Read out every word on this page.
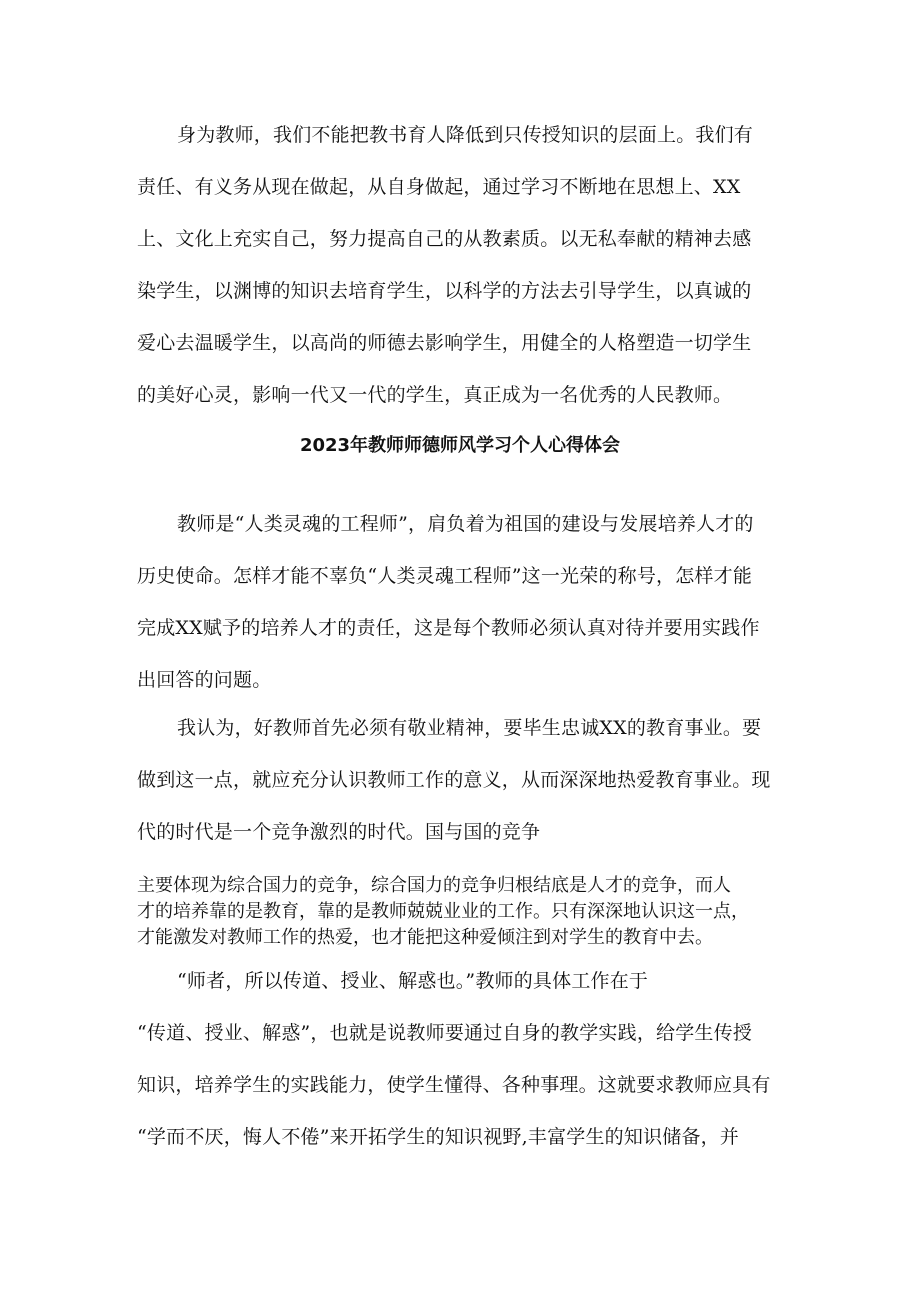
身为教师，我们不能把教书育人降低到只传授知识的层面上。我们有
责任、有义务从现在做起，从自身做起，通过学习不断地在思想上、XX
上、文化上充实自己，努力提高自己的从教素质。以无私奉献的精神去感
染学生，以渊博的知识去培育学生，以科学的方法去引导学生，以真诚的
爱心去温暖学生，以高尚的师德去影响学生，用健全的人格塑造一切学生
的美好心灵，影响一代又一代的学生，真正成为一名优秀的人民教师。
2023年教师师德师风学习个人心得体会
教师是“人类灵魂的工程师”，肩负着为祖国的建设与发展培养人才的
历史使命。怎样才能不辜负“人类灵魂工程师”这一光荣的称号，怎样才能
完成XX赋予的培养人才的责任，这是每个教师必须认真对待并要用实践作
出回答的问题。
我认为，好教师首先必须有敬业精神，要毕生忠诚XX的教育事业。要
做到这一点，就应充分认识教师工作的意义，从而深深地热爱教育事业。现
代的时代是一个竞争激烈的时代。国与国的竞争
主要体现为综合国力的竞争，综合国力的竞争归根结底是人才的竞争，而人
才的培养靠的是教育，靠的是教师兢兢业业的工作。只有深深地认识这一点，
才能激发对教师工作的热爱，也才能把这种爱倾注到对学生的教育中去。
“师者，所以传道、授业、解惑也。”教师的具体工作在于
“传道、授业、解惑”，也就是说教师要通过自身的教学实践，给学生传授
知识，培养学生的实践能力，使学生懂得、各种事理。这就要求教师应具有
“学而不厌，悔人不倦”来开拓学生的知识视野,丰富学生的知识储备，并
